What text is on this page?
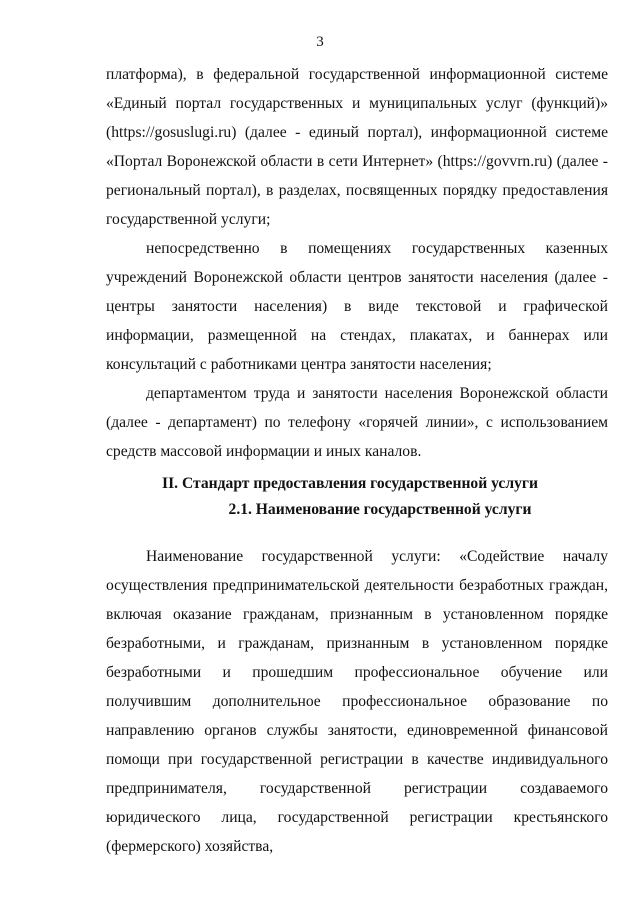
3

платформа), в федеральной государственной информационной системе «Единый портал государственных и муниципальных услуг (функций)» (https://gosuslugi.ru) (далее - единый портал), информационной системе «Портал Воронежской области в сети Интернет» (https://govvrn.ru) (далее - региональный портал), в разделах, посвященных порядку предоставления государственной услуги;

непосредственно в помещениях государственных казенных учреждений Воронежской области центров занятости населения (далее - центры занятости населения) в виде текстовой и графической информации, размещенной на стендах, плакатах, и баннерах или консультаций с работниками центра занятости населения;

департаментом труда и занятости населения Воронежской области (далее - департамент) по телефону «горячей линии», с использованием средств массовой информации и иных каналов.

II. Стандарт предоставления государственной услуги
2.1. Наименование государственной услуги

Наименование государственной услуги: «Содействие началу осуществления предпринимательской деятельности безработных граждан, включая оказание гражданам, признанным в установленном порядке безработными, и гражданам, признанным в установленном порядке безработными и прошедшим профессиональное обучение или получившим дополнительное профессиональное образование по направлению органов службы занятости, единовременной финансовой помощи при государственной регистрации в качестве индивидуального предпринимателя, государственной регистрации создаваемого юридического лица, государственной регистрации крестьянского (фермерского) хозяйства,
